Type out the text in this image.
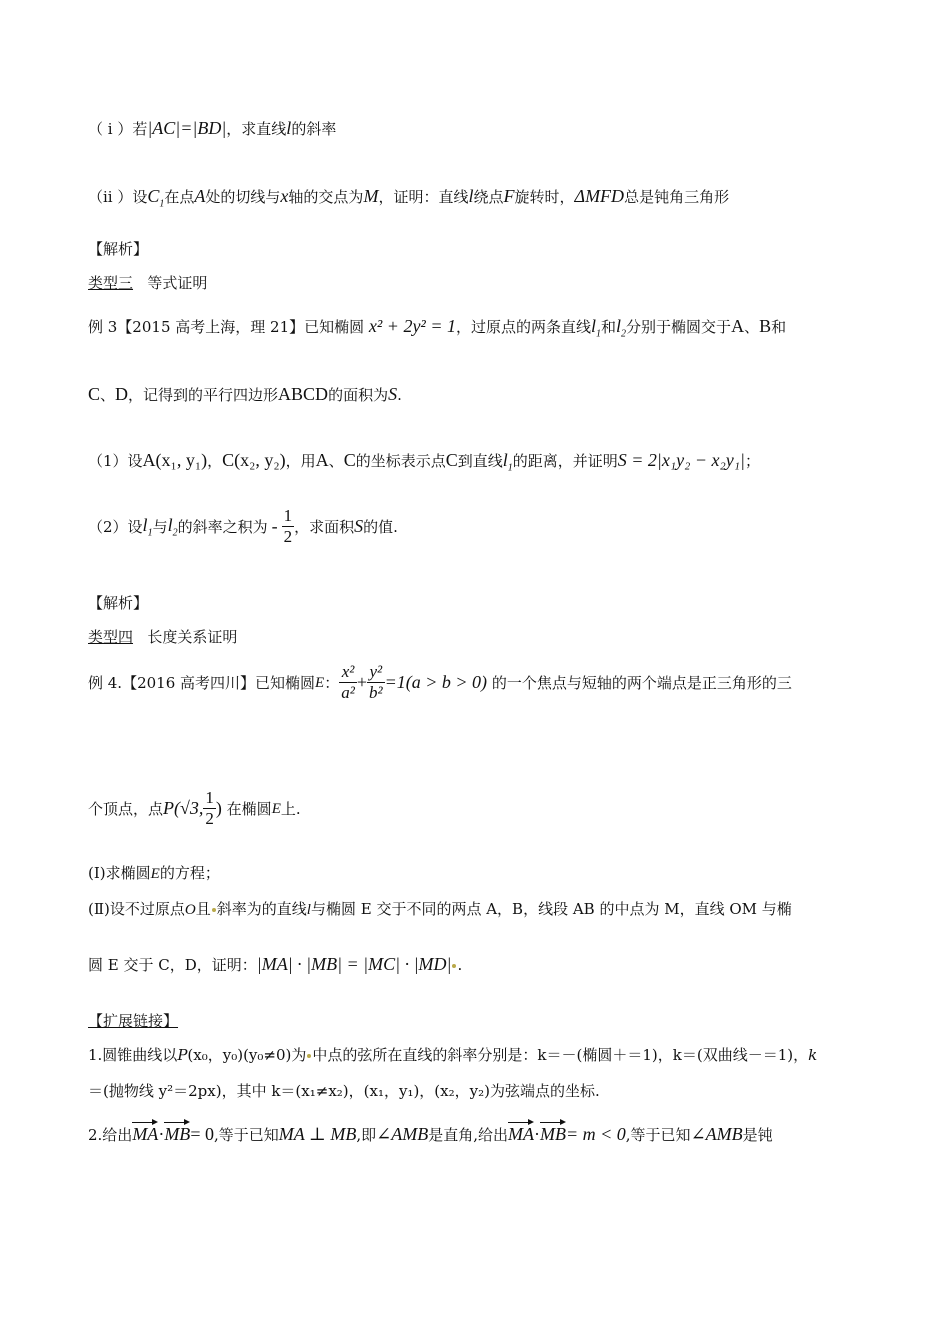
（ i ）若|AC|=|BD|，求直线l的斜率
（ii ）设$C_1$在点A处的切线与x轴的交点为M，证明：直线l绕点F旋转时，ΔMFD总是钝角三角形
【解析】
类型三 等式证明
例 3【2015 高考上海，理 21】已知椭圆 x² + 2y² = 1，过原点的两条直线$l_1$和$l_2$分别于椭圆交于A、B和
C、D，记得到的平行四边形ABCD的面积为S.
（1）设A(x₁, y₁)，C(x₂, y₂)，用A、C的坐标表示点C到直线$l_1$的距离，并证明S = 2|x₁y₂ − x₂y₁|；
（2）设$l_1$与$l_2$的斜率之积为 - $\frac{1}{2}$ ，求面积S的值.
【解析】
类型四 长度关系证明
例 4.【2016 高考四川】已知椭圆E： $\frac{\text{x²}}{\text{a²}} + \frac{\text{y²}}{\text{b²}} =1(a > b > 0)$ 的一个焦点与短轴的两个端点是正三角形的三
个顶点，点P(√3, $\frac{1}{2}$ ) 在椭圆E上.
(I)求椭圆E的方程；
(Ⅱ)设不过原点O且 斜率为的直线l与椭圆 E 交于不同的两点 A，B，线段 AB 的中点为 M，直线 OM 与椭
圆 E 交于 C，D，证明：|MA| · |MB| = |MC| · |MD| .
【扩展链接】
1.圆锥曲线以P(x₀，y₀)(y₀≠0)为 中点的弦所在直线的斜率分别是：k＝－(椭圆＋＝1)，k＝(双曲线－＝1)，k
＝(抛物线 y²＝2px)，其中 k＝(x₁≠x₂)，(x₁，y₁)，(x₂，y₂)为弦端点的坐标.
2.给出MA·MB= 0,等于已知MA ⊥ MB,即∠AMB是直角,给出MA·MB= m < 0,等于已知∠AMB是钝
